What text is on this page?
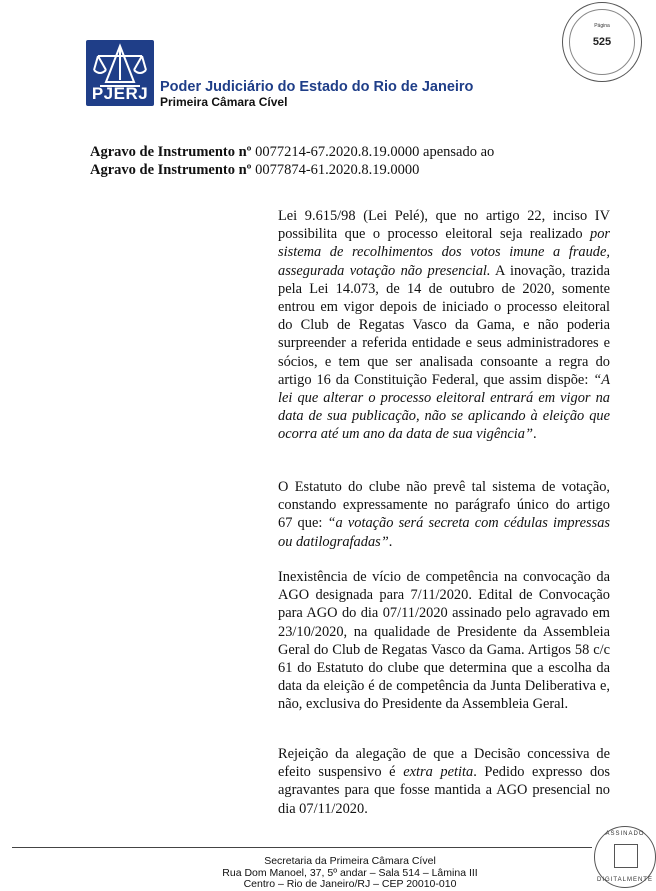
Página
525
PJERJ Poder Judiciário do Estado do Rio de Janeiro
Primeira Câmara Cível
Agravo de Instrumento nº 0077214-67.2020.8.19.0000 apensado ao
Agravo de Instrumento nº 0077874-61.2020.8.19.0000
Lei 9.615/98 (Lei Pelé), que no artigo 22, inciso IV possibilita que o processo eleitoral seja realizado por sistema de recolhimentos dos votos imune a fraude, assegurada votação não presencial. A inovação, trazida pela Lei 14.073, de 14 de outubro de 2020, somente entrou em vigor depois de iniciado o processo eleitoral do Club de Regatas Vasco da Gama, e não poderia surpreender a referida entidade e seus administradores e sócios, e tem que ser analisada consoante a regra do artigo 16 da Constituição Federal, que assim dispõe: “A lei que alterar o processo eleitoral entrará em vigor na data de sua publicação, não se aplicando à eleição que ocorra até um ano da data de sua vigência”.
O Estatuto do clube não prevê tal sistema de votação, constando expressamente no parágrafo único do artigo 67 que: “a votação será secreta com cédulas impressas ou datilografadas”.
Inexistência de vício de competência na convocação da AGO designada para 7/11/2020. Edital de Convocação para AGO do dia 07/11/2020 assinado pelo agravado em 23/10/2020, na qualidade de Presidente da Assembleia Geral do Club de Regatas Vasco da Gama. Artigos 58 c/c 61 do Estatuto do clube que determina que a escolha da data da eleição é de competência da Junta Deliberativa e, não, exclusiva do Presidente da Assembleia Geral.
Rejeição da alegação de que a Decisão concessiva de efeito suspensivo é extra petita. Pedido expresso dos agravantes para que fosse mantida a AGO presencial no dia 07/11/2020.
Secretaria da Primeira Câmara Cível
Rua Dom Manoel, 37, 5º andar – Sala 514 – Lâmina III
Centro – Rio de Janeiro/RJ – CEP 20010-010
ASSINADO
DIGITALMENTE
